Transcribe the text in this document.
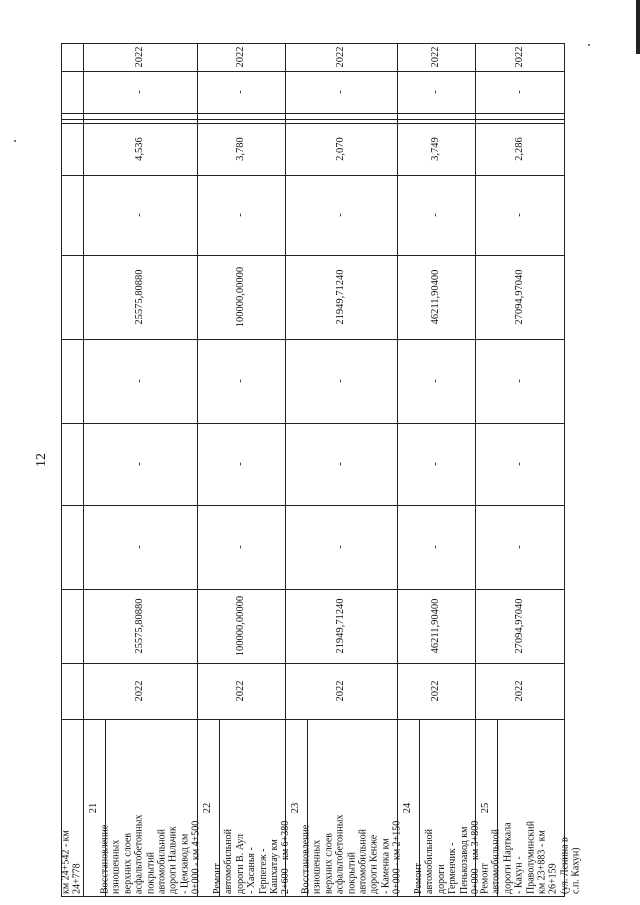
12
км 24+542 - км
24+778
2022
-
4,536
-
25575,80880
-
-
-
25575,80880
2022
21
Восстановление
изношенных
верхних слоев
асфальтобетонных
покрытий
автомобильной
дороги Нальчик
- Цемзавод км
0+000 - км 4+500
2022
-
3,780
-
100000,00000
-
-
-
100000,00000
2022
22
Ремонт
автомобильной
дороги В. Аул
- Хасанья -
Герпегеж -
Кашхатау км
2+600 - км 6+380
2022
-
2,070
-
21949,71240
-
-
-
21949,71240
2022
23
Восстановление
изношенных
верхних слоев
асфальтобетонных
покрытий
автомобильной
дороги Кенже
- Каменка км
0+000 - км 2+150
2022
-
3,749
-
46211,90400
-
-
-
46211,90400
2022
24
Ремонт
автомобильной
дороги
Герменчик -
Пенькозавод км
0+000 - км 3+800
2022
-
2,286
-
27094,97040
-
-
-
27094,97040
2022
25
Ремонт
автомобильной
дороги Нарткала
- Кахун -
Праволуминский
км 23+883 - км
26+159
(ул. Ленина в
с.п. Кахун)
